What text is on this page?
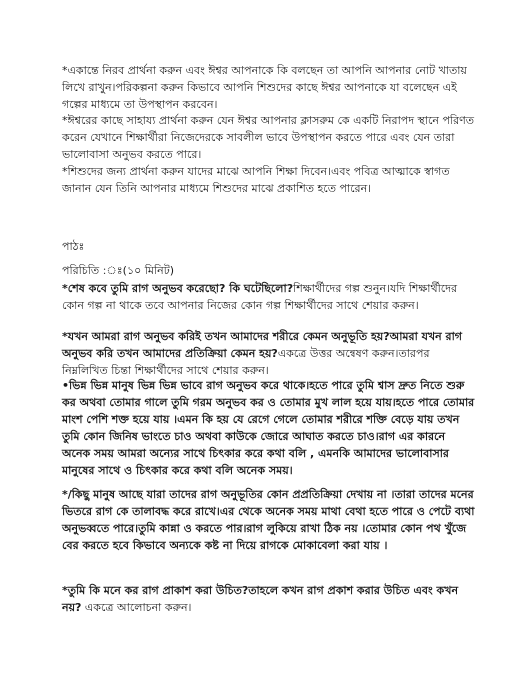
*একান্তে নিরব প্রার্থনা করুন এবং ঈশ্বর আপনাকে কি বলছেন তা আপনি আপনার নোট খাতায় লিখে রাখুন।পরিকল্পনা করুন কিভাবে আপনি শিশুদের কাছে ঈশ্বর আপনাকে যা বলেছেন এই গল্পের মাধ্যমে তা উপস্থাপন করবেন।

*ঈশ্বরের কাছে সাহায্য প্রার্থনা করুন যেন ঈশ্বর আপনার ক্লাসরুম কে একটি নিরাপদ স্থানে পরিণত করেন যেখানে শিক্ষার্থীরা নিজেদেরকে সাবলীল ভাবে উপস্থাপন করতে পারে এবং যেন তারা ভালোবাসা অনুভব করতে পারে।

*শিশুদের জন্য প্রার্থনা করুন যাদের মাঝে আপনি শিক্ষা দিবেন।এবং পবিত্র আত্মাকে স্বাগত জানান যেন তিনি আপনার মাধ্যমে শিশুদের মাঝে প্রকাশিত হতে পারেন।

পাঠঃ

পরিচিতি :ঃ(১০ মিনিট)

*শেষ কবে তুমি রাগ অনুভব করেছো? কি ঘটেছিলো?শিক্ষার্থীদের গল্প শুনুন।যদি শিক্ষার্থীদের কোন গল্প না থাকে তবে আপনার নিজের কোন গল্প শিক্ষার্থীদের সাথে শেয়ার করুন।

*যখন আমরা রাগ অনুভব করিই তখন আমাদের শরীরে কেমন অনুভূতি হয়?আমরা যখন রাগ অনুভব করি তখন আমাদের প্রতিক্রিয়া কেমন হয়?একত্রে উত্তর অন্বেষণ করুন।তারপর নিম্নলিখিত চিন্তা শিক্ষার্থীদের সাথে শেয়ার করুন।

•ভিন্ন ভিন্ন মানুষ ভিন্ন ভিন্ন ভাবে রাগ অনুভব করে থাকে।হতে পারে তুমি শ্বাস দ্রুত নিতে শুরু কর অথবা তোমার গালে তুমি গরম অনুভব কর ও তোমার মুখ লাল হয়ে যায়।হতে পারে তোমার মাংশ পেশি শক্ত হয়ে যায় ।এমন কি হয় যে রেগে গেলে তোমার শরীরে শক্তি বেড়ে যায় তখন তুমি কোন জিনিষ ভাংতে চাও অথবা কাউকে জোরে আঘাত করতে চাও।রাগ এর কারনে অনেক সময় আমরা অন্যের সাথে চিৎকার করে কথা বলি , এমনকি আমাদের ভালোবাসার মানুষের সাথে ও চিৎকার করে কথা বলি অনেক সময়।

*/কিছু মানুষ আছে যারা তাদের রাগ অনুভূতির কোন প্রপ্রতিক্রিয়া দেখায় না ।তারা তাদের মনের ভিতরে রাগ কে তালাবদ্ধ করে রাখে।এর থেকে অনেক সময় মাথা বেথা হতে পারে ও পেটে ব্যথা অনুভব্বতে পারে।তুমি কান্না ও করতে পার।রাগ লুকিয়ে রাখা ঠিক নয় ।তোমার কোন পথ খুঁজে বের করতে হবে কিভাবে অন্যকে কষ্ট না দিয়ে রাগকে মোকাবেলা করা যায় ।

*তুমি কি মনে কর রাগ প্রাকাশ করা উচিত?তাহলে কখন রাগ প্রকাশ করার উচিত এবং কখন নয়? একত্রে আলোচনা করুন।
